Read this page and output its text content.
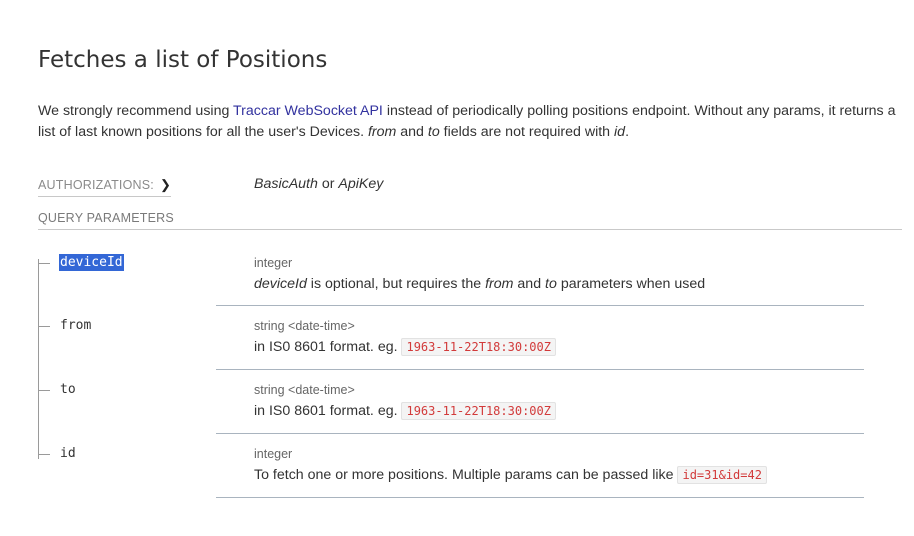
Fetches a list of Positions

We strongly recommend using Traccar WebSocket API instead of periodically polling positions endpoint. Without any params, it returns a list of last known positions for all the user's Devices. from and to fields are not required with id.

AUTHORIZATIONS: ❯	BasicAuth or ApiKey
QUERY PARAMETERS
deviceId	integer

deviceId is optional, but requires the from and to parameters when used

from	string <date-time>

in IS0 8601 format. eg. 1963-11-22T18:30:00Z

to	string <date-time>

in IS0 8601 format. eg. 1963-11-22T18:30:00Z

id	integer

To fetch one or more positions. Multiple params can be passed like id=31&id=42
